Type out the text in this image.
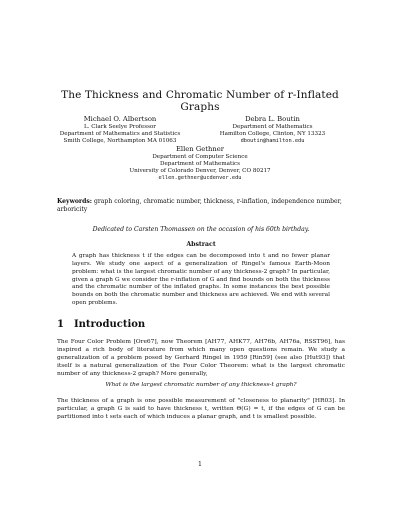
The Thickness and Chromatic Number of r-Inflated Graphs
Michael O. Albertson
L. Clark Seelye Professor
Department of Mathematics and Statistics
Smith College, Northampton MA 01063
Debra L. Boutin
Department of Mathematics
Hamilton College, Clinton, NY 13323
dboutin@hamilton.edu
Ellen Gethner
Department of Computer Science
Department of Mathematics
University of Colorado Denver, Denver, CO 80217
ellen.gethner@ucdenver.edu
Keywords: graph coloring, chromatic number, thickness, r-inflation, independence number, arboricity
Dedicated to Carsten Thomassen on the occasion of his 60th birthday.
Abstract
A graph has thickness t if the edges can be decomposed into t and no fewer planar layers. We study one aspect of a generalization of Ringel's famous Earth-Moon problem: what is the largest chromatic number of any thickness-2 graph? In particular, given a graph G we consider the r-inflation of G and find bounds on both the thickness and the chromatic number of the inflated graphs. In some instances the best possible bounds on both the chromatic number and thickness are achieved. We end with several open problems.
1 Introduction
The Four Color Problem [Ore67], now Theorem [AH77, AHK77, AH76b, AH76a, RSST96], has inspired a rich body of literature from which many open questions remain. We study a generalization of a problem posed by Gerhard Ringel in 1959 [Rin59] (see also [Hut93]) that itself is a natural generalization of the Four Color Theorem: what is the largest chromatic number of any thickness-2 graph? More generally,
What is the largest chromatic number of any thickness-t graph?
The thickness of a graph is one possible measurement of "closeness to planarity" [HR03]. In particular, a graph G is said to have thickness t, written Θ(G) = t, if the edges of G can be partitioned into t sets each of which induces a planar graph, and t is smallest possible.
1
